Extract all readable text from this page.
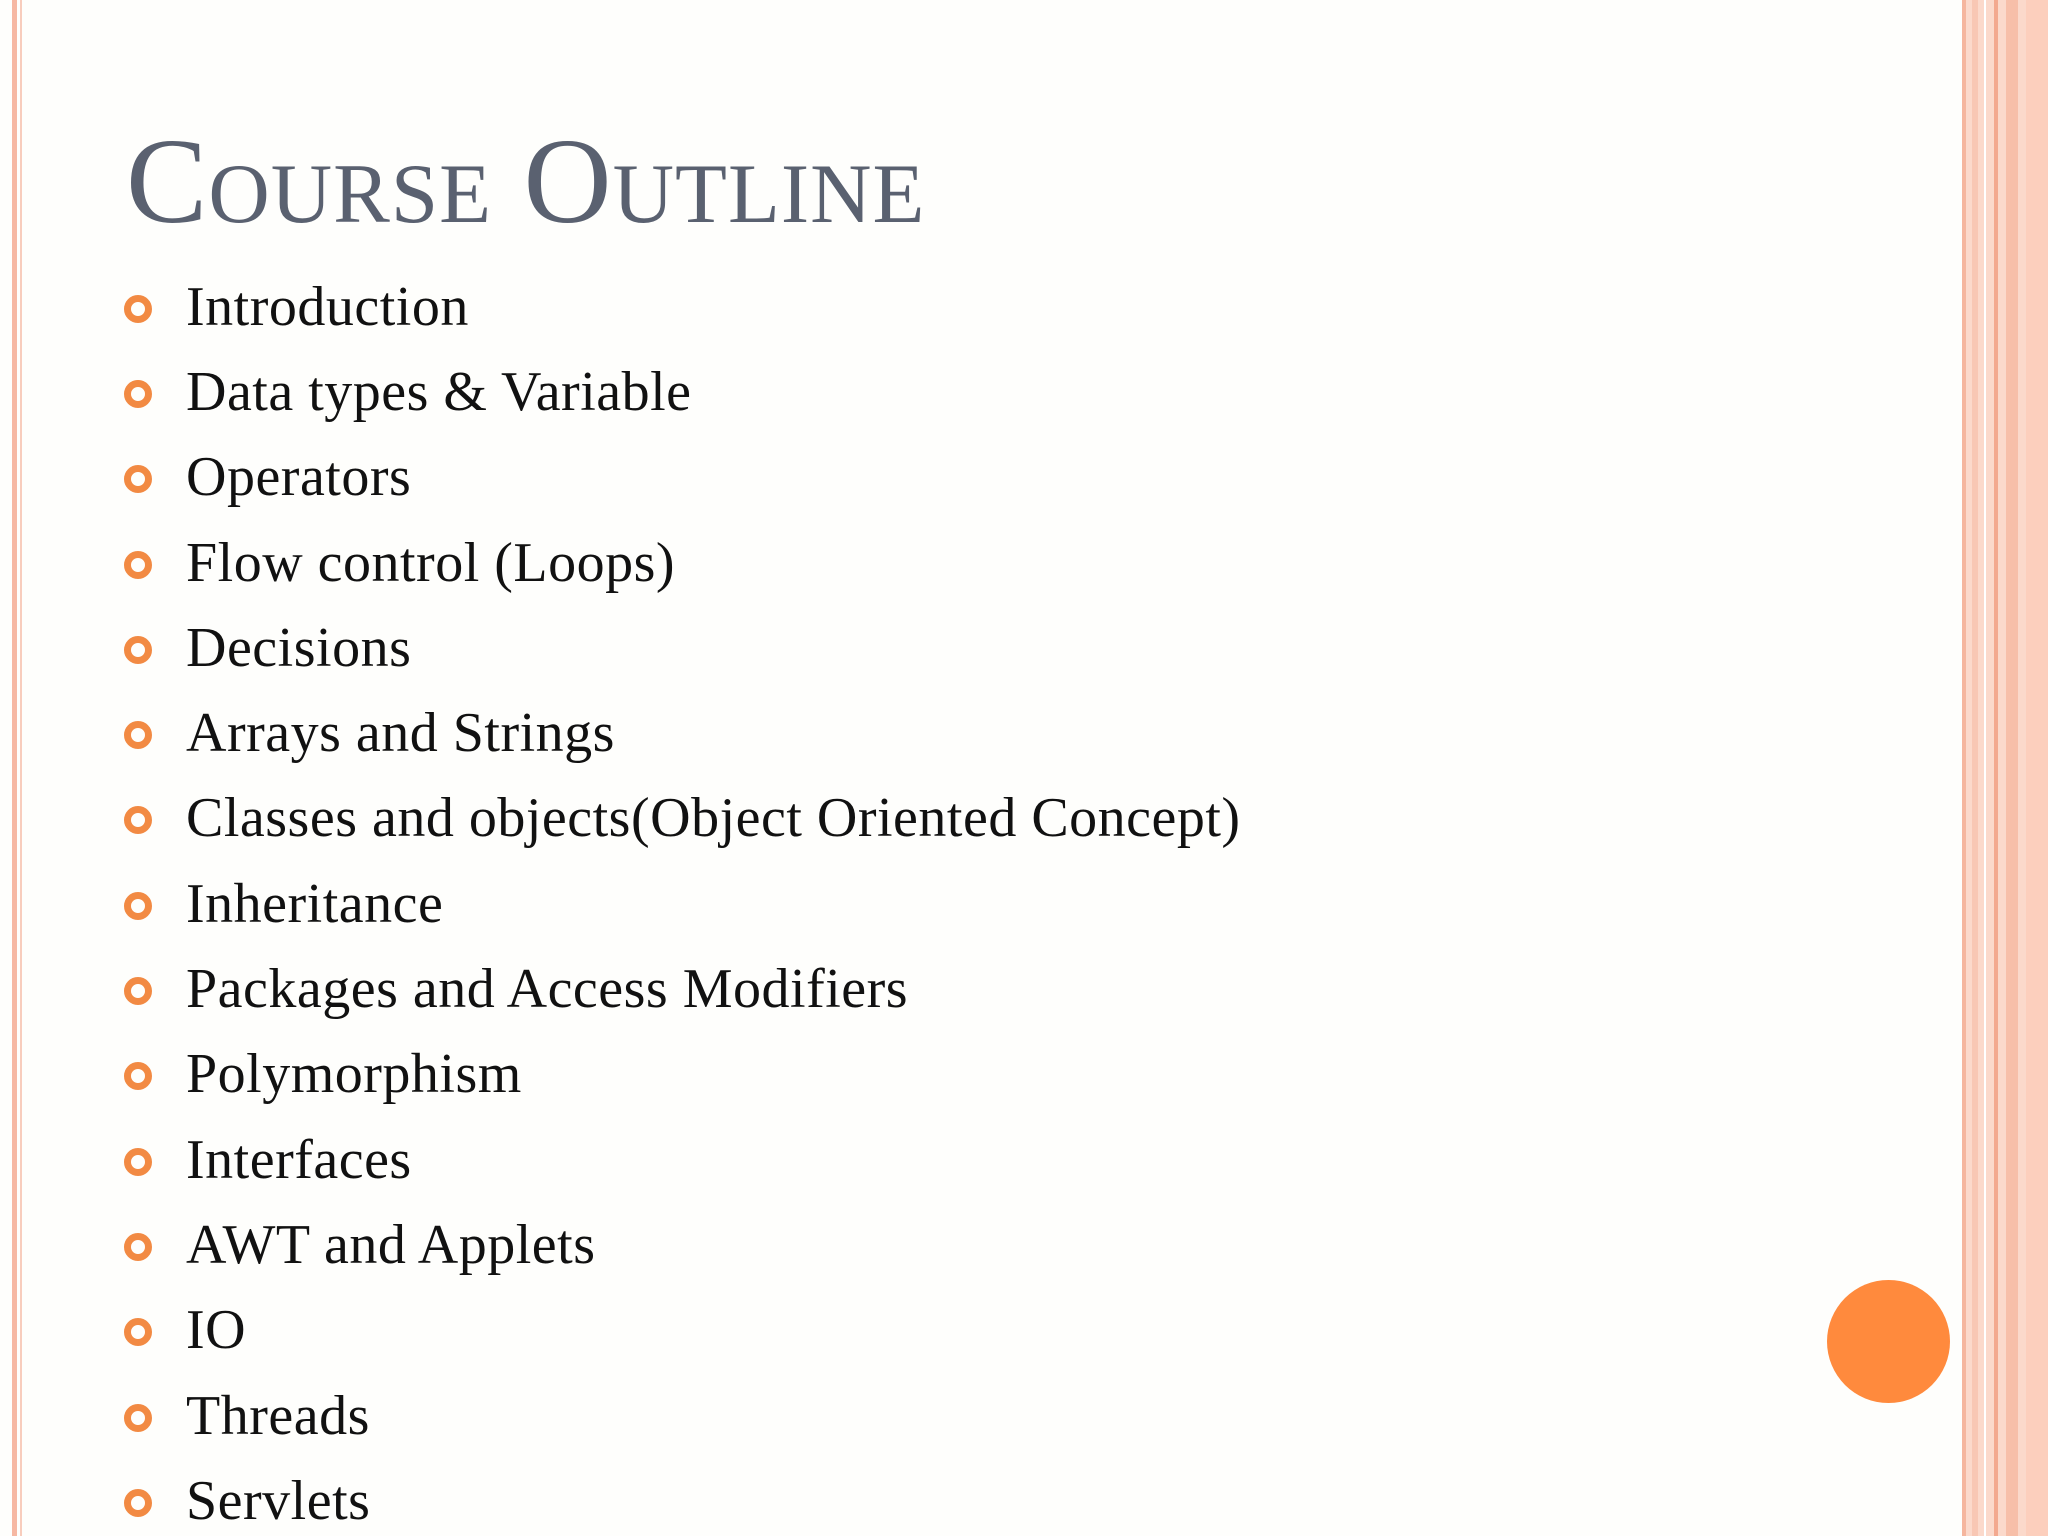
Course Outline
Introduction
Data types & Variable
Operators
Flow control (Loops)
Decisions
Arrays and Strings
Classes and objects(Object Oriented Concept)
Inheritance
Packages and Access Modifiers
Polymorphism
Interfaces
AWT and Applets
IO
Threads
Servlets
